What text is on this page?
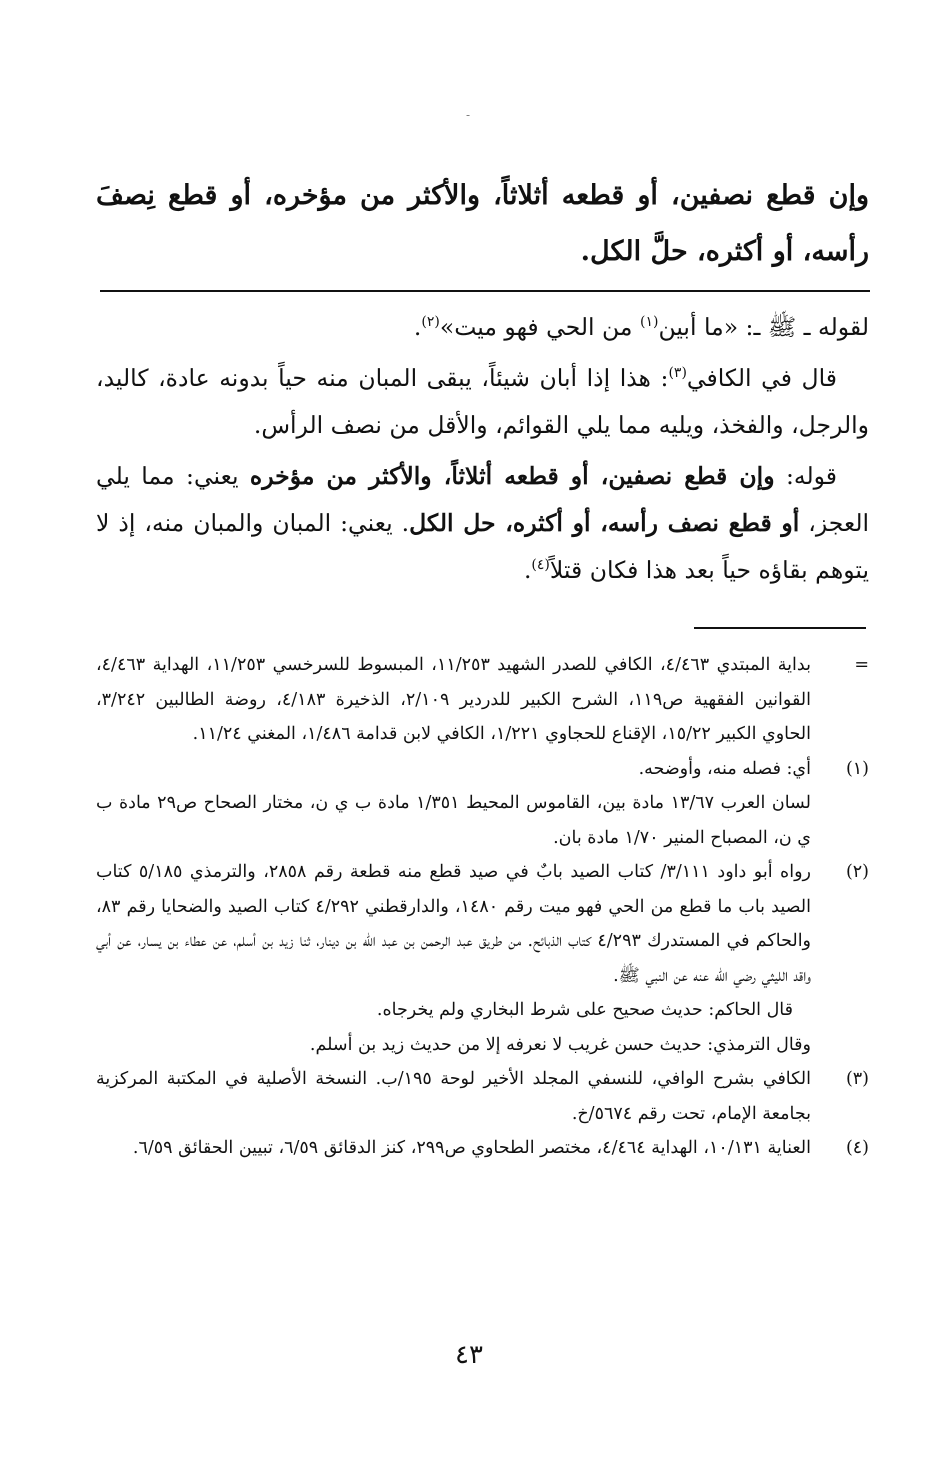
-
وإن قطع نصفين، أو قطعه أثلاثاً، والأكثر من مؤخره، أو قطع نِصفَ رأسه، أو أكثره، حلَّ الكل.

لقوله ـ ﷺ ـ: «ما أبين$^{(١)}$ من الحي فهو ميت»$^{(٢)}$.

قال في الكافي$^{(٣)}$: هذا إذا أبان شيئاً، يبقى المبان منه حياً بدونه عادة، كاليد، والرجل، والفخذ، ويليه مما يلي القوائم، والأقل من نصف الرأس.

قوله: وإن قطع نصفين، أو قطعه أثلاثاً، والأكثر من مؤخره يعني: مما يلي العجز، أو قطع نصف رأسه، أو أكثره، حل الكل. يعني: المبان والمبان منه، إذ لا يتوهم بقاؤه حياً بعد هذا فكان قتلاً$^{(٤)}$.

=

بداية المبتدي ٤/٤٦٣، الكافي للصدر الشهيد ١١/٢٥٣، المبسوط للسرخسي ١١/٢٥٣، الهداية ٤/٤٦٣، القوانين الفقهية ص١١٩، الشرح الكبير للدردير ٢/١٠٩، الذخيرة ٤/١٨٣، روضة الطالبين ٣/٢٤٢، الحاوي الكبير ١٥/٢٢، الإقناع للحجاوي ١/٢٢١، الكافي لابن قدامة ١/٤٨٦، المغني ١١/٢٤.

(١)

أي: فصله منه، وأوضحه.

لسان العرب ١٣/٦٧ مادة بين، القاموس المحيط ١/٣٥١ مادة ب ي ن، مختار الصحاح ص٢٩ مادة ب ي ن، المصباح المنير ١/٧٠ مادة بان.

(٢)

رواه أبو داود ٣/١١١/ كتاب الصيد بابٌ في صيد قطع منه قطعة رقم ٢٨٥٨، والترمذي ٥/١٨٥ كتاب الصيد باب ما قطع من الحي فهو ميت رقم ١٤٨٠، والدارقطني ٤/٢٩٢ كتاب الصيد والضحايا رقم ٨٣، والحاكم في المستدرك ٤/٢٩٣ كتاب الذبائح. من طريق عبد الرحمن بن عبد الله بن دينار، ثنا زيد بن أسلم، عن عطاء بن يسار، عن أبي واقد الليثي رضي الله عنه عن النبي ﷺ.

قال الحاكم: حديث صحيح على شرط البخاري ولم يخرجاه.

وقال الترمذي: حديث حسن غريب لا نعرفه إلا من حديث زيد بن أسلم.

(٣)

الكافي بشرح الوافي، للنسفي المجلد الأخير لوحة ١٩٥/ب. النسخة الأصلية في المكتبة المركزية بجامعة الإمام، تحت رقم ٥٦٧٤/خ.

(٤)

العناية ١٠/١٣١، الهداية ٤/٤٦٤، مختصر الطحاوي ص٢٩٩، كنز الدقائق ٦/٥٩، تبيين الحقائق ٦/٥٩.

٤٣
